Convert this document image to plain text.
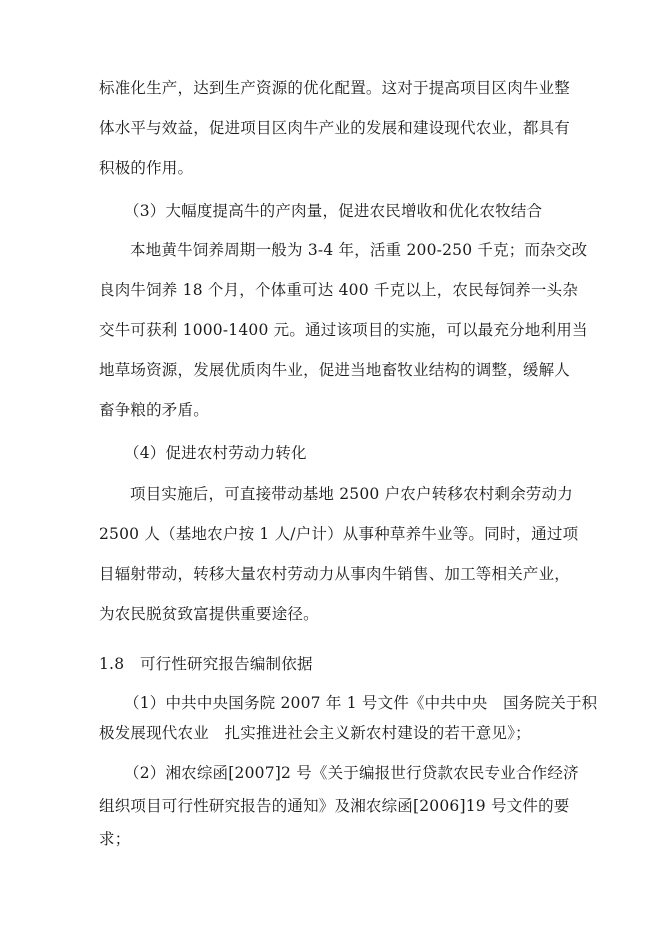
标准化生产，达到生产资源的优化配置。这对于提高项目区肉牛业整
体水平与效益，促进项目区肉牛产业的发展和建设现代农业，都具有
积极的作用。
（3）大幅度提高牛的产肉量，促进农民增收和优化农牧结合
本地黄牛饲养周期一般为 3-4 年，活重 200-250 千克；而杂交改
良肉牛饲养 18 个月，个体重可达 400 千克以上，农民每饲养一头杂
交牛可获利 1000-1400 元。通过该项目的实施，可以最充分地利用当
地草场资源，发展优质肉牛业，促进当地畜牧业结构的调整，缓解人
畜争粮的矛盾。
（4）促进农村劳动力转化
项目实施后，可直接带动基地 2500 户农户转移农村剩余劳动力
2500 人（基地农户按 1 人/户计）从事种草养牛业等。同时，通过项
目辐射带动，转移大量农村劳动力从事肉牛销售、加工等相关产业，
为农民脱贫致富提供重要途径。
1.8　可行性研究报告编制依据
（1）中共中央国务院 2007 年 1 号文件《中共中央　国务院关于积
极发展现代农业　扎实推进社会主义新农村建设的若干意见》；
（2）湘农综函[2007]2 号《关于编报世行贷款农民专业合作经济
组织项目可行性研究报告的通知》及湘农综函[2006]19 号文件的要
求；
